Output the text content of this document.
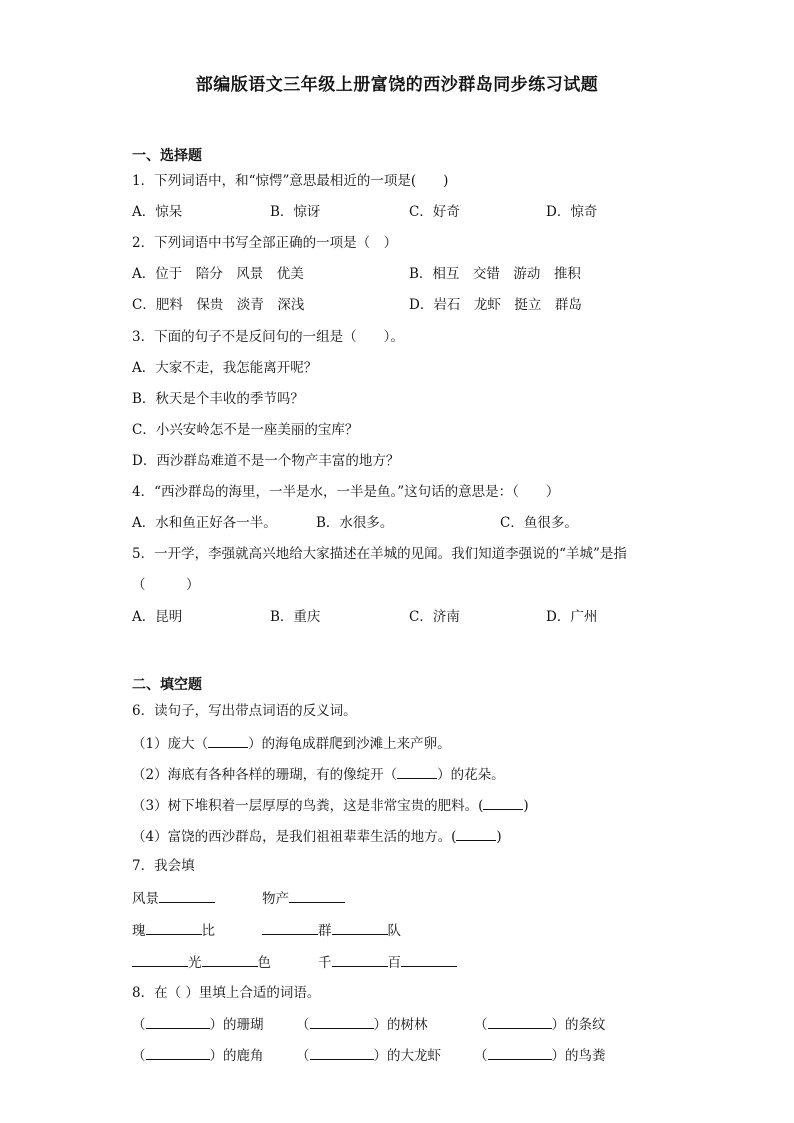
部编版语文三年级上册富饶的西沙群岛同步练习试题
一、选择题
1．下列词语中，和“惊愕”意思最相近的一项是(　　)
A．惊呆	B．惊讶	C．好奇	D．惊奇
2．下列词语中书写全部正确的一项是（　）
A．位于　陪分　风景　优美	B．相互　交错　游动　推积
C．肥料　保贵　淡青　深浅	D．岩石　龙虾　挺立　群岛
3．下面的句子不是反问句的一组是（　　）。
A．大家不走，我怎能离开呢？
B．秋天是个丰收的季节吗？
C．小兴安岭怎不是一座美丽的宝库？
D．西沙群岛难道不是一个物产丰富的地方？
4．“西沙群岛的海里，一半是水，一半是鱼。”这句话的意思是：（　　）
A．水和鱼正好各一半。	B．水很多。	C．鱼很多。
5．一开学，李强就高兴地给大家描述在羊城的见闻。我们知道李强说的“羊城”是指
（　　　）
A．昆明	B．重庆	C．济南	D．广州
二、填空题
6．读句子，写出带点词语的反义词。
（1）庞大（	）的海龟成群爬到沙滩上来产卵。
（2）海底有各种各样的珊瑚，有的像绽开（	）的花朵。
（3）树下堆积着一层厚厚的鸟粪，这是非常宝贵的肥料。(	)
（4）富饶的西沙群岛，是我们祖祖辈辈生活的地方。(	)
7．我会填
风景	物产
瑰	比	群	队
光	色	千	百
8．在（ ）里填上合适的词语。
（	）的珊瑚 （	）的树林	（	）的条纹
（	）的鹿角 （	）的大龙虾 （	）的鸟粪
